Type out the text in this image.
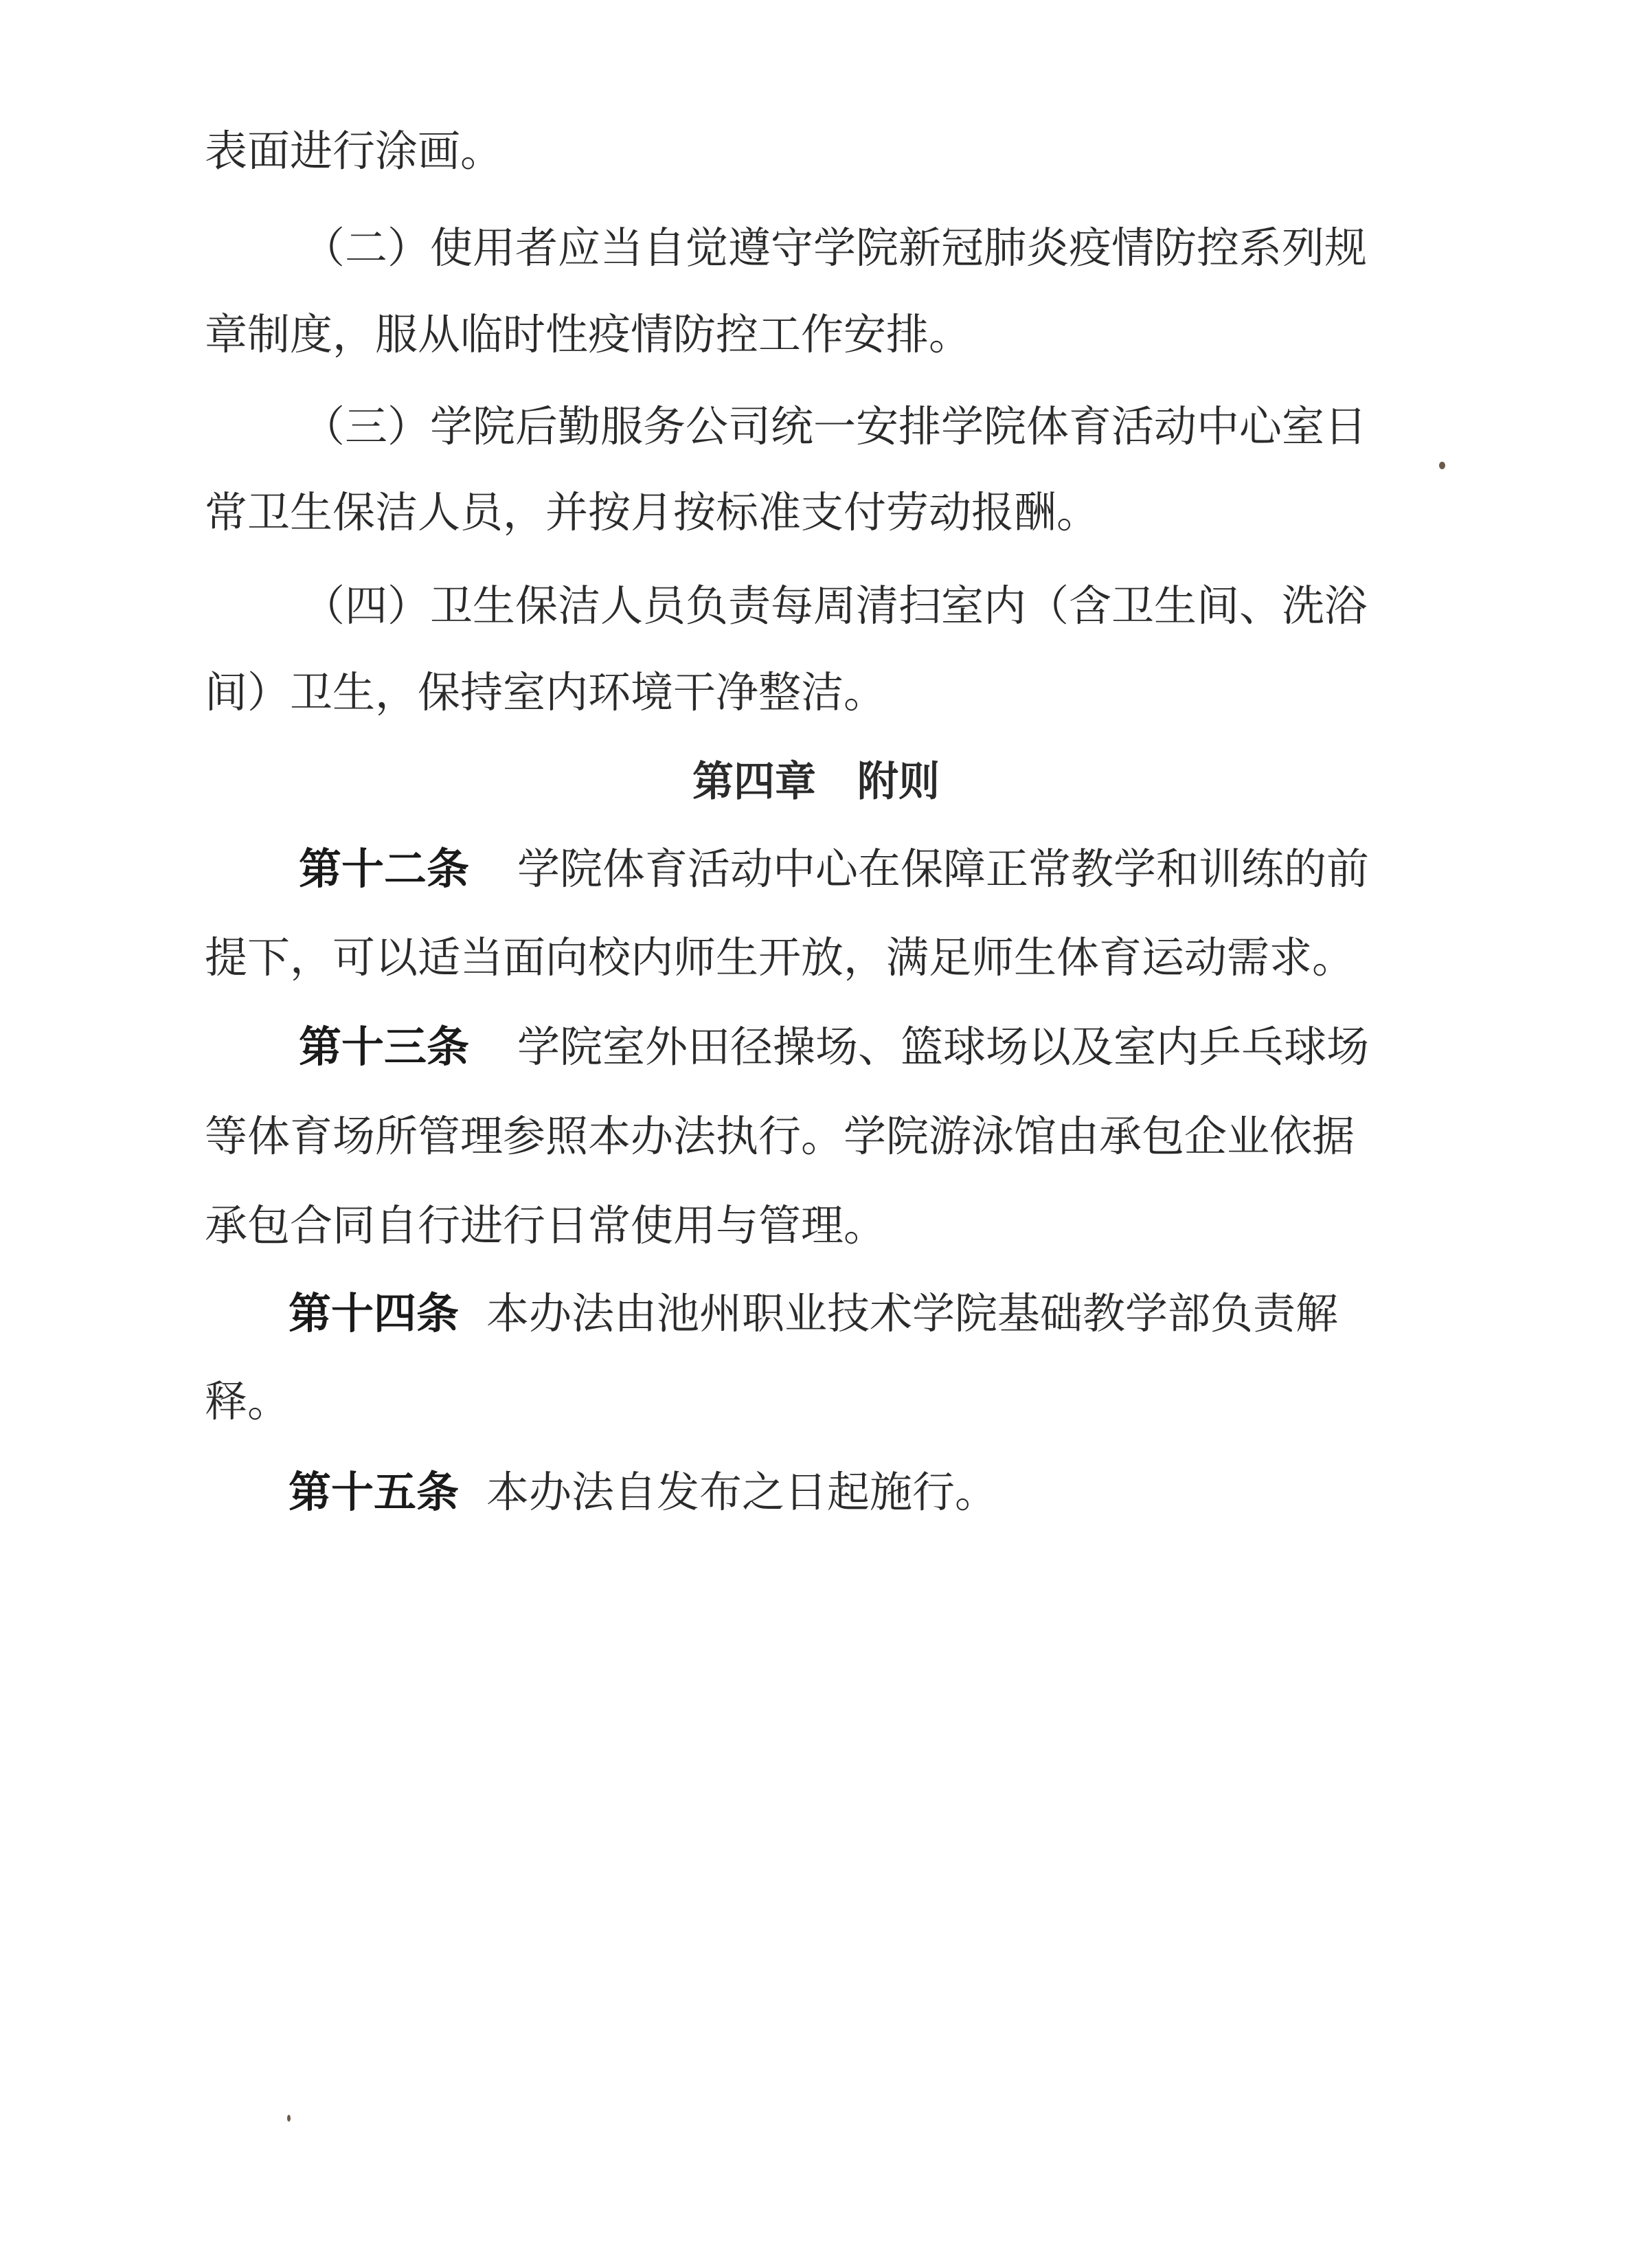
表面进行涂画。
（二）使用者应当自觉遵守学院新冠肺炎疫情防控系列规
章制度，服从临时性疫情防控工作安排。
（三）学院后勤服务公司统一安排学院体育活动中心室日
常卫生保洁人员，并按月按标准支付劳动报酬。
（四）卫生保洁人员负责每周清扫室内（含卫生间、洗浴
间）卫生，保持室内环境干净整洁。
第四章　附则
第十二条 学院体育活动中心在保障正常教学和训练的前
提下，可以适当面向校内师生开放，满足师生体育运动需求。
第十三条 学院室外田径操场、篮球场以及室内乒乓球场
等体育场所管理参照本办法执行。学院游泳馆由承包企业依据
承包合同自行进行日常使用与管理。
第十四条 本办法由池州职业技术学院基础教学部负责解
释。
第十五条 本办法自发布之日起施行。
